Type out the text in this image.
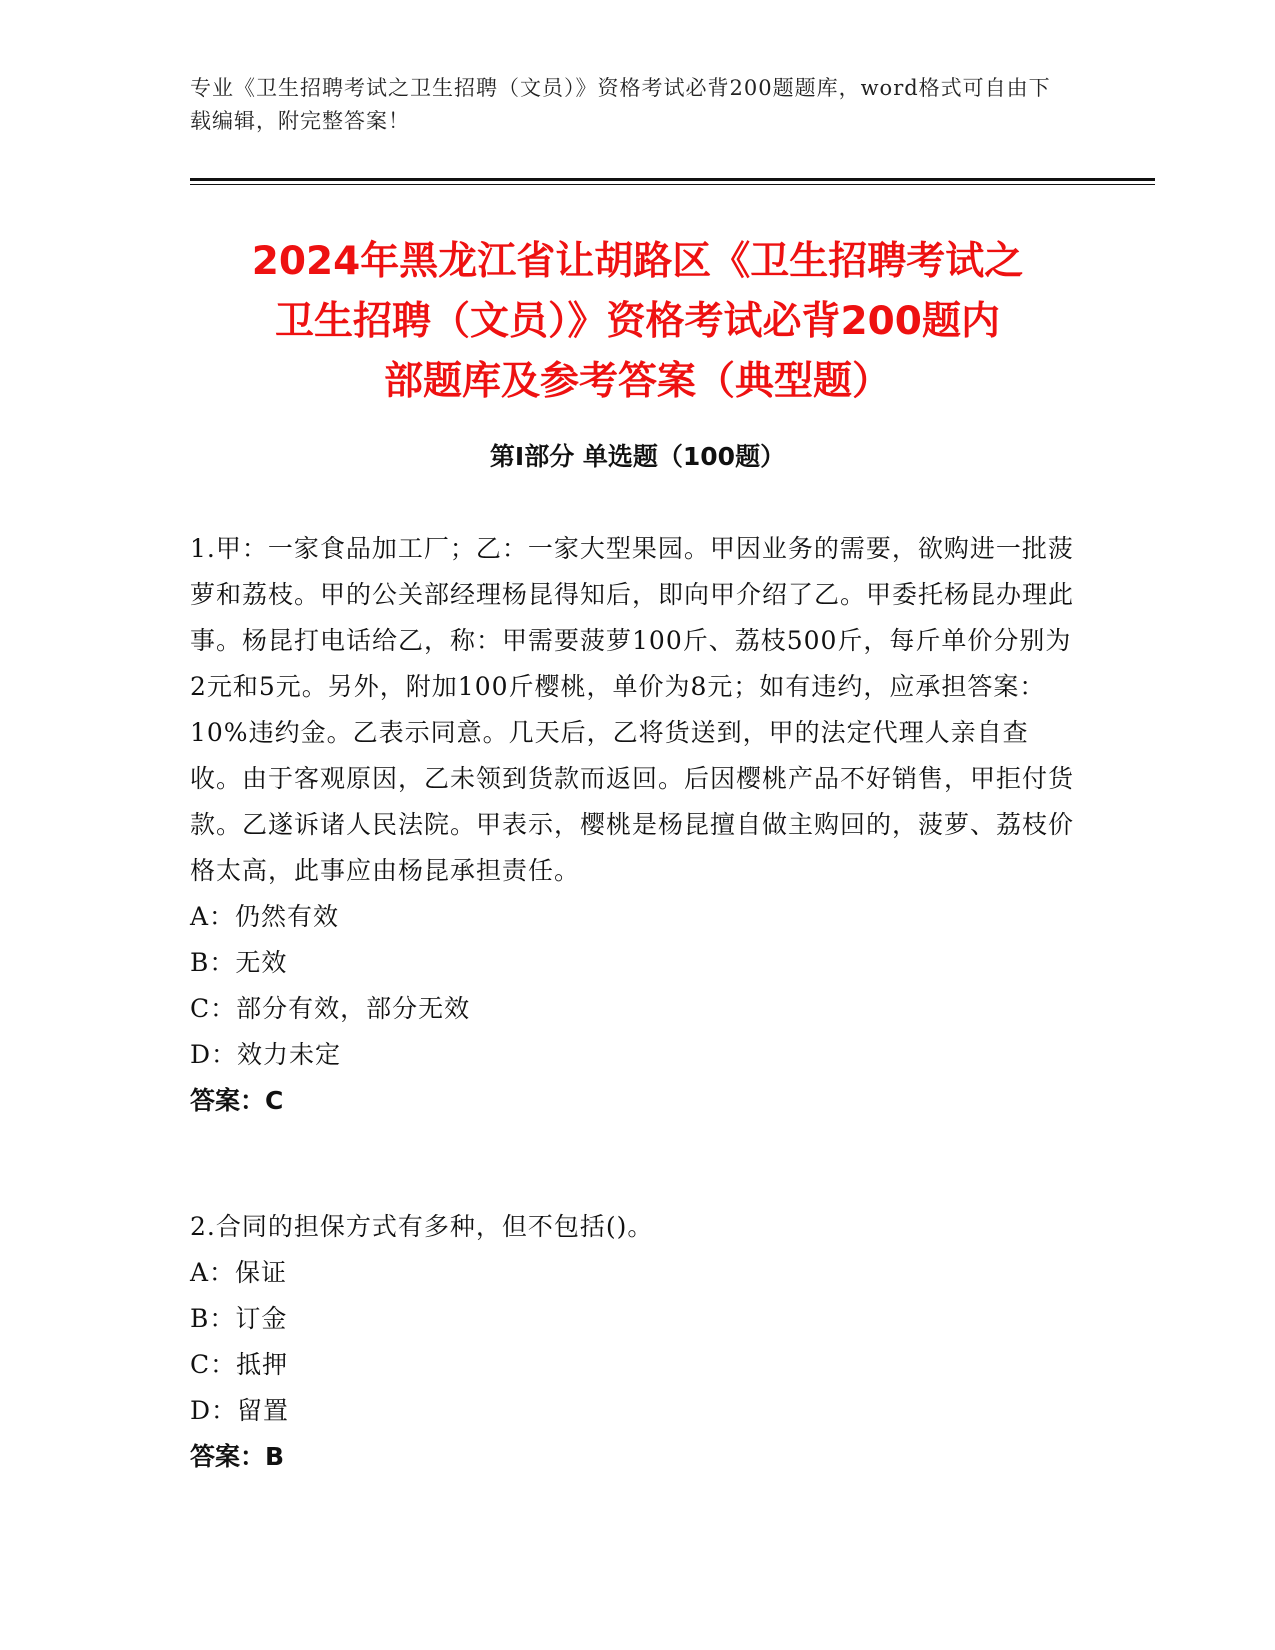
专业《卫生招聘考试之卫生招聘（文员）》资格考试必背200题题库，word格式可自由下载编辑，附完整答案！
2024年黑龙江省让胡路区《卫生招聘考试之
卫生招聘（文员）》资格考试必背200题内
部题库及参考答案（典型题）
第Ⅰ部分 单选题（100题）

1.甲：一家食品加工厂；乙：一家大型果园。甲因业务的需要，欲购进一批菠萝和荔枝。甲的公关部经理杨昆得知后，即向甲介绍了乙。甲委托杨昆办理此事。杨昆打电话给乙，称：甲需要菠萝100斤、荔枝500斤，每斤单价分别为2元和5元。另外，附加100斤樱桃，单价为8元；如有违约，应承担答案：10%违约金。乙表示同意。几天后，乙将货送到，甲的法定代理人亲自查收。由于客观原因，乙未领到货款而返回。后因樱桃产品不好销售，甲拒付货款。乙遂诉诸人民法院。甲表示，樱桃是杨昆擅自做主购回的，菠萝、荔枝价格太高，此事应由杨昆承担责任。

A：仍然有效

B：无效

C：部分有效，部分无效

D：效力未定

答案：C

2.合同的担保方式有多种，但不包括()。

A：保证

B：订金

C：抵押

D：留置

答案：B
